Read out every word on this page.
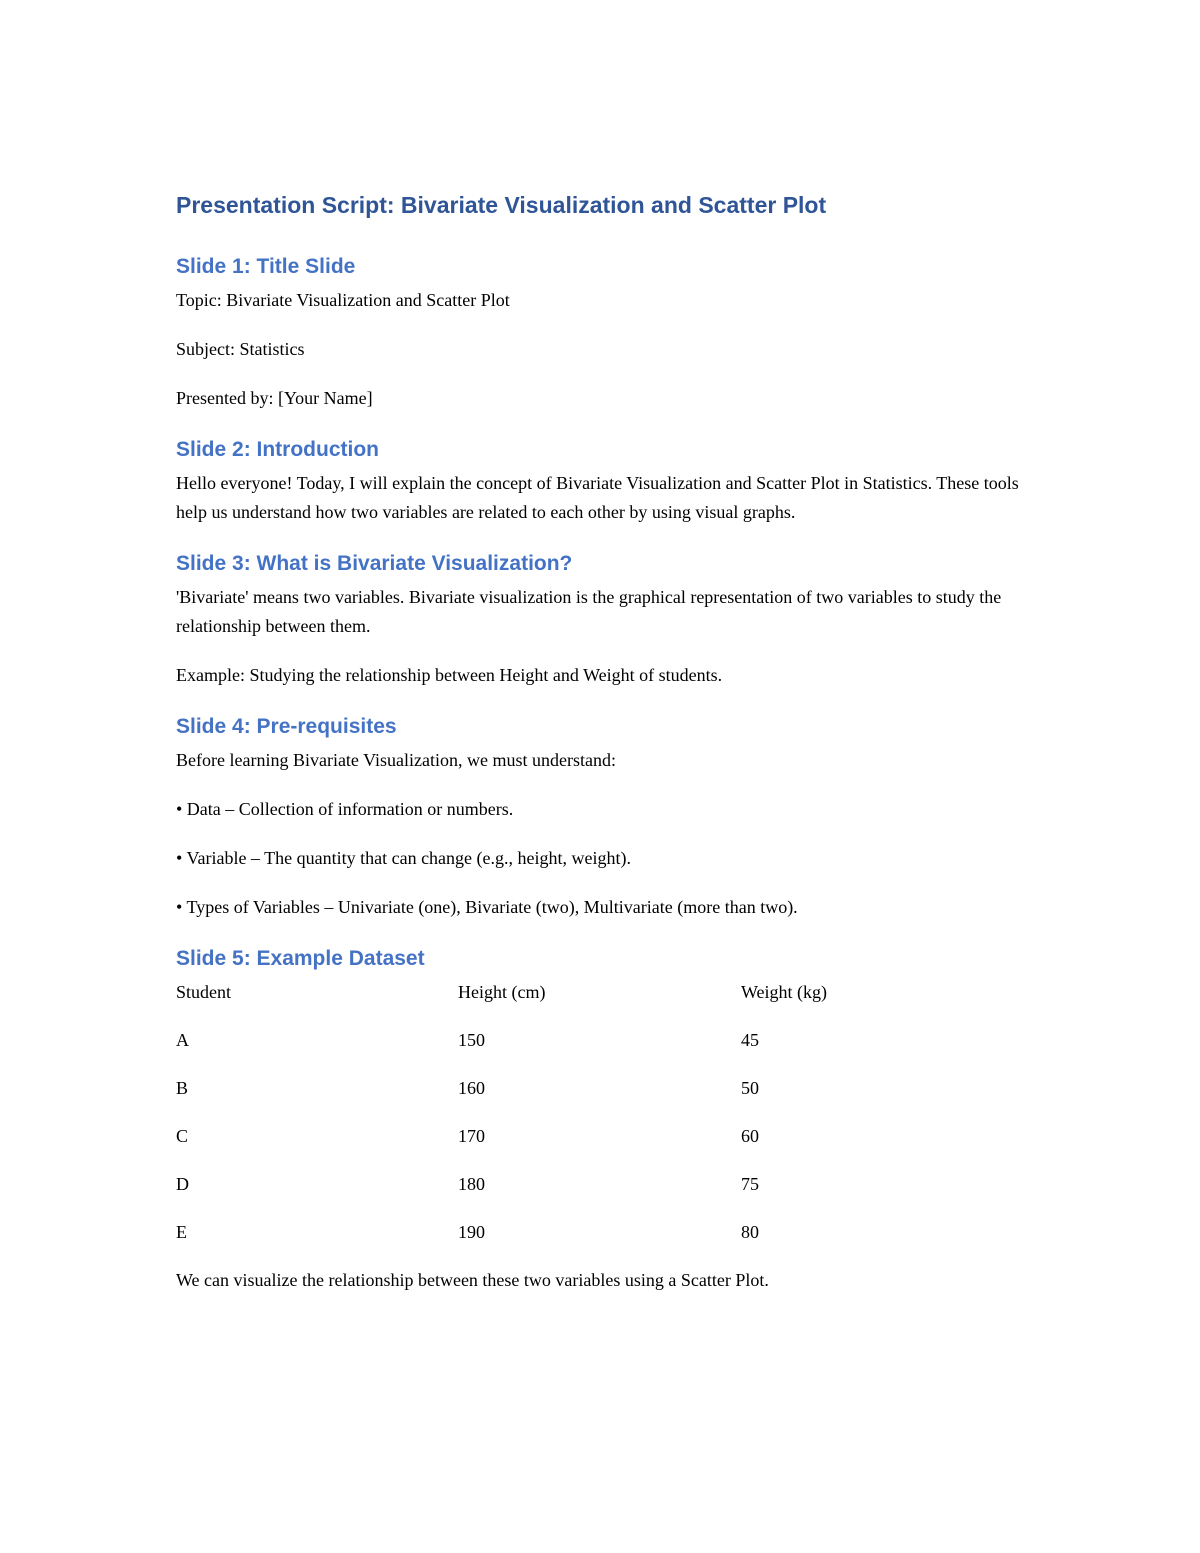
Presentation Script: Bivariate Visualization and Scatter Plot
Slide 1: Title Slide

Topic: Bivariate Visualization and Scatter Plot

Subject: Statistics

Presented by: [Your Name]

Slide 2: Introduction

Hello everyone! Today, I will explain the concept of Bivariate Visualization and Scatter Plot in Statistics. These tools help us understand how two variables are related to each other by using visual graphs.

Slide 3: What is Bivariate Visualization?

'Bivariate' means two variables. Bivariate visualization is the graphical representation of two variables to study the relationship between them.

Example: Studying the relationship between Height and Weight of students.

Slide 4: Pre-requisites

Before learning Bivariate Visualization, we must understand:

• Data – Collection of information or numbers.

• Variable – The quantity that can change (e.g., height, weight).

• Types of Variables – Univariate (one), Bivariate (two), Multivariate (more than two).

Slide 5: Example Dataset
Student	Height (cm)	Weight (kg)
A	150	45
B	160	50
C	170	60
D	180	75
E	190	80

We can visualize the relationship between these two variables using a Scatter Plot.
